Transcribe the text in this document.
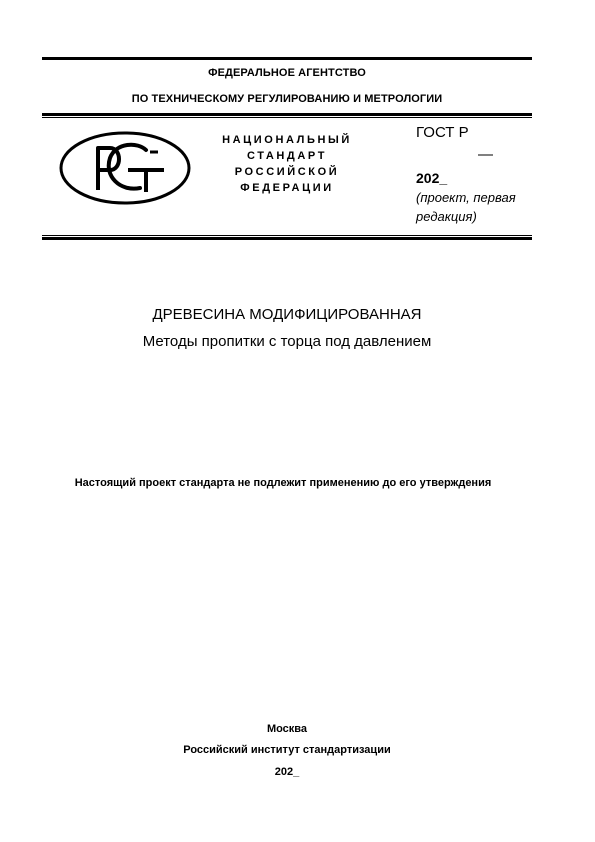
ФЕДЕРАЛЬНОЕ АГЕНТСТВО
ПО ТЕХНИЧЕСКОМУ РЕГУЛИРОВАНИЮ И МЕТРОЛОГИИ
НАЦИОНАЛЬНЫЙ
СТАНДАРТ
РОССИЙСКОЙ
ФЕДЕРАЦИИ
ГОСТ Р
—
202_
(проект, первая редакция)
ДРЕВЕСИНА МОДИФИЦИРОВАННАЯ
Методы пропитки с торца под давлением
Настоящий проект стандарта не подлежит применению до его утверждения
Москва
Российский институт стандартизации
202_
